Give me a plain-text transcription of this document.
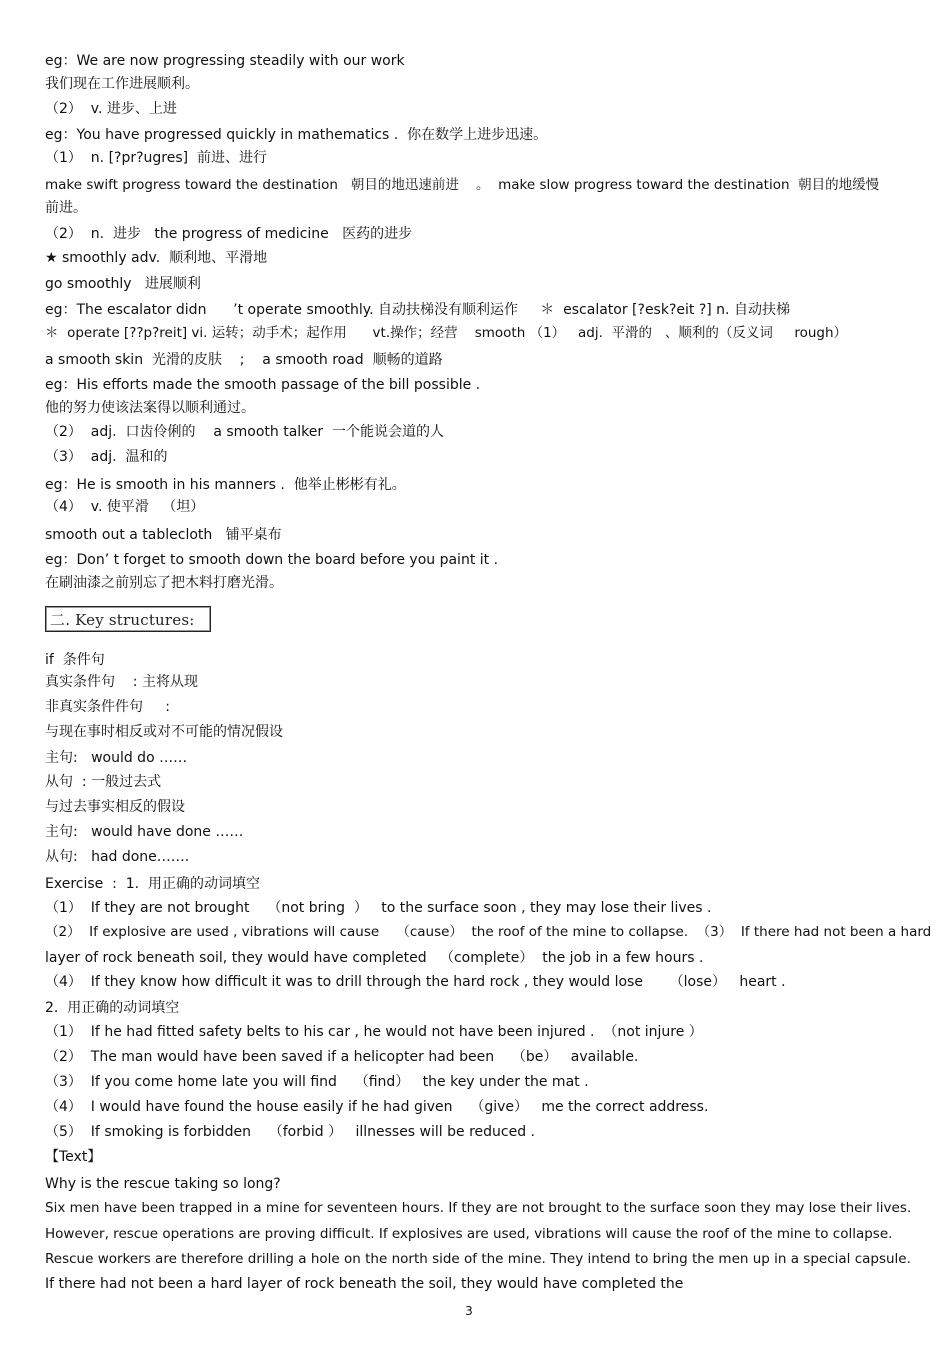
eg：We are now progressing steadily with our work
我们现在工作进展顺利。
（2）  v. 进步、上进
eg：You have progressed quickly in mathematics .  你在数学上进步迅速。
（1）  n. [?pr?ugres]  前进、进行
make swift progress toward the destination   朝目的地迅速前进    。  make slow progress toward the destination  朝目的地缓慢
前进。
（2）  n.  进步   the progress of medicine   医药的进步
★ smoothly adv.  顺利地、平滑地
go smoothly   进展顺利
eg：The escalator didn      ’t operate smoothly. 自动扶梯没有顺利运作     ＊  escalator [?esk?eit ?] n. 自动扶梯
＊  operate [??p?reit] vi. 运转；动手术；起作用      vt.操作；经营    smooth （1）   adj.  平滑的   、顺利的（反义词     rough）
a smooth skin  光滑的皮肤    ;    a smooth road  顺畅的道路
eg：His efforts made the smooth passage of the bill possible .
他的努力使该法案得以顺利通过。
（2）  adj.  口齿伶俐的    a smooth talker  一个能说会道的人
（3）  adj.  温和的
eg：He is smooth in his manners .  他举止彬彬有礼。
（4）  v. 使平滑   （坦）
smooth out a tablecloth   铺平桌布
eg：Don’ t forget to smooth down the board before you paint it .
在刷油漆之前别忘了把木料打磨光滑。
二. Key structures:
if  条件句
真实条件句    : 主将从现
非真实条件件句     :
与现在事时相反或对不可能的情况假设
主句:   would do ……
从句  : 一般过去式
与过去事实相反的假设
主句:   would have done ……
从句:   had done…….
Exercise  :  1.  用正确的动词填空
（1）  If they are not brought    （not bring  ）   to the surface soon , they may lose their lives .
（2）  If explosive are used , vibrations will cause    （cause）  the roof of the mine to collapse.  （3）  If there had not been a hard
layer of rock beneath soil, they would have completed   （complete）  the job in a few hours .
（4）  If they know how difficult it was to drill through the hard rock , they would lose      （lose）   heart .
2.  用正确的动词填空
（1）  If he had fitted safety belts to his car , he would not have been injured .  （not injure ）
（2）  The man would have been saved if a helicopter had been    （be）   available.
（3）  If you come home late you will find    （find）   the key under the mat .
（4）  I would have found the house easily if he had given    （give）   me the correct address.
（5）  If smoking is forbidden    （forbid ）   illnesses will be reduced .
【Text】
Why is the rescue taking so long?
Six men have been trapped in a mine for seventeen hours. If they are not brought to the surface soon they may lose their lives.
However, rescue operations are proving difficult. If explosives are used, vibrations will cause the roof of the mine to collapse.
Rescue workers are therefore drilling a hole on the north side of the mine. They intend to bring the men up in a special capsule.
If there had not been a hard layer of rock beneath the soil, they would have completed the
3
